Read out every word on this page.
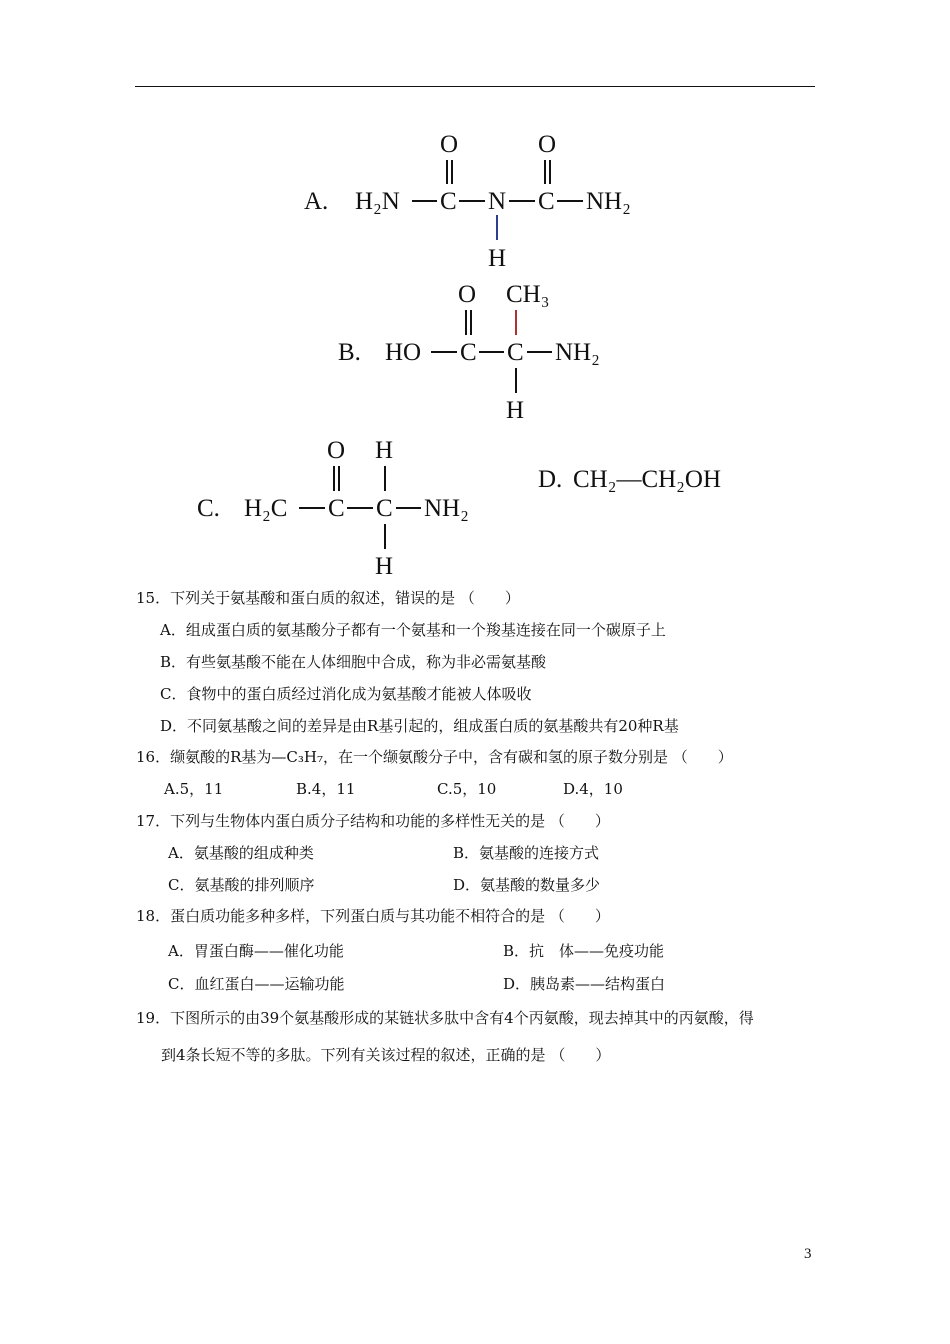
A. H₂N C
O
N
H
C
O
NH₂
B. HO C
O
C
CH₃
H
NH₂
C. H₂C C
O
C
H
H
NH₂
D. CH₂—CH₂OH
15．下列关于氨基酸和蛋白质的叙述，错误的是 （　　）
A．组成蛋白质的氨基酸分子都有一个氨基和一个羧基连接在同一个碳原子上
B．有些氨基酸不能在人体细胞中合成，称为非必需氨基酸
C．食物中的蛋白质经过消化成为氨基酸才能被人体吸收
D．不同氨基酸之间的差异是由R基引起的，组成蛋白质的氨基酸共有20种R基
16．缬氨酸的R基为—C₃H₇，在一个缬氨酸分子中，含有碳和氢的原子数分别是 （　　）
A.5，11	B.4，11	C.5，10	D.4，10
17．下列与生物体内蛋白质分子结构和功能的多样性无关的是 （　　）
A．氨基酸的组成种类	B．氨基酸的连接方式
C．氨基酸的排列顺序	D．氨基酸的数量多少
18．蛋白质功能多种多样，下列蛋白质与其功能不相符合的是 （　　）
A．胃蛋白酶——催化功能	B．抗　体——免疫功能
C．血红蛋白——运输功能	D．胰岛素——结构蛋白
19．下图所示的由39个氨基酸形成的某链状多肽中含有4个丙氨酸，现去掉其中的丙氨酸，得
到4条长短不等的多肽。下列有关该过程的叙述，正确的是 （　　）
3
